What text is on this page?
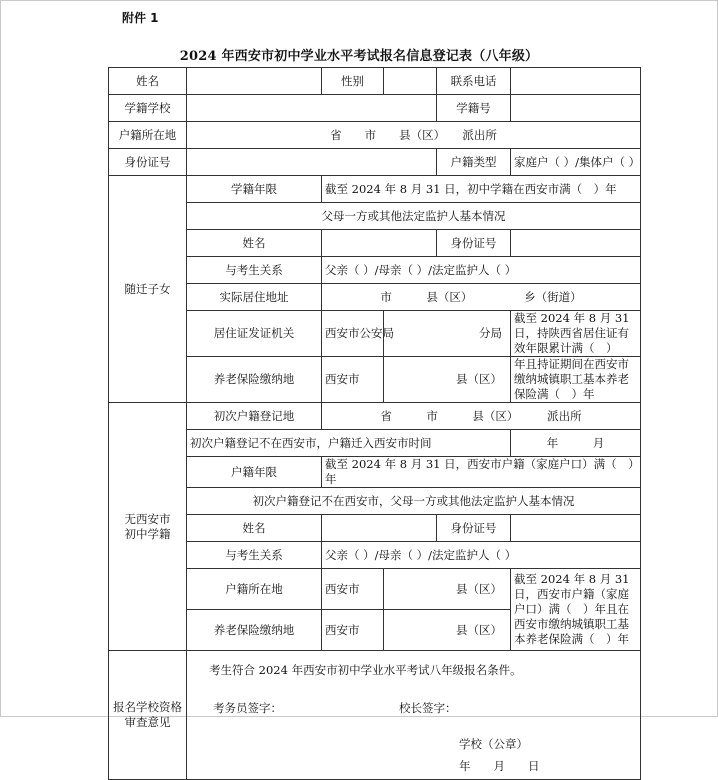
附件 1
2024 年西安市初中学业水平考试报名信息登记表（八年级）
姓名		性别		联系电话	
学籍学校				学籍号	
户籍所在地	省　　市　　县（区）　　派出所				
身份证号				户籍类型	家庭户（ ）/集体户（ ）
随迁子女	学籍年限	截至 2024 年 8 月 31 日，初中学籍在西安市满（　）年			
	父母一方或其他法定监护人基本情况				
	姓名			身份证号	
	与考生关系	父亲（ ）/母亲（ ）/法定监护人（ ）			
	实际居住地址	市　　　县（区）　　　　　乡（街道）			
	居住证发证机关	西安市公安局	分局		截至 2024 年 8 月 31 日，持陕西省居住证有效年限累计满（　）
	养老保险缴纳地	西安市	县（区）		年且持证期间在西安市缴纳城镇职工基本养老保险满（　）年

无西安市
初中学籍	初次户籍登记地	省　　　市　　　县（区）　　　派出所			
	初次户籍登记不在西安市，户籍迁入西安市时间				年　　　月
	户籍年限	截至 2024 年 8 月 31 日，西安市户籍（家庭户口）满（　）年			
	初次户籍登记不在西安市，父母一方或其他法定监护人基本情况				
	姓名			身份证号	
	与考生关系	父亲（ ）/母亲（ ）/法定监护人（ ）			
	户籍所在地	西安市	县（区）		截至 2024 年 8 月 31 日，西安市户籍（家庭户口）满（　）年且在西安市缴纳城镇职工基本养老保险满（　）年
	养老保险缴纳地	西安市	县（区）		
报名学校资格审查意见	考生符合 2024 年西安市初中学业水平考试八年级报名条件。
考务员签字： 校长签字：
学校（公章）
年　　月　　日				
